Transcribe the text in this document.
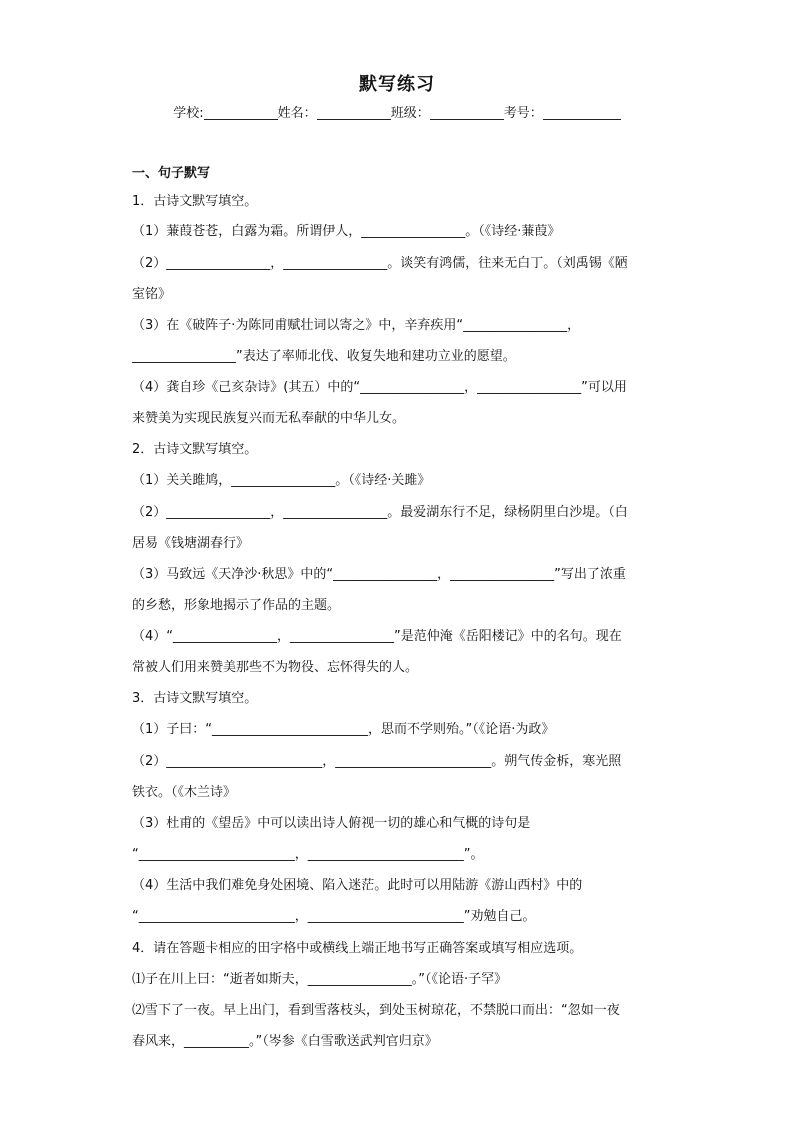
默写练习
学校:	姓名：	班级：	考号：
一、句子默写
1．古诗文默写填空。
（1）蒹葭苍苍，白露为霜。所谓伊人，________________。（《诗经·蒹葭》
（2）________________，________________。谈笑有鸿儒，往来无白丁。（刘禹锡《陋
室铭》
（3）在《破阵子·为陈同甫赋壮词以寄之》中，辛弃疾用“________________，
________________”表达了率师北伐、收复失地和建功立业的愿望。
（4）龚自珍《己亥杂诗》(其五）中的“________________，________________”可以用
来赞美为实现民族复兴而无私奉献的中华儿女。
2．古诗文默写填空。
（1）关关雎鸠，________________。（《诗经·关雎》
（2）________________，________________。最爱湖东行不足，绿杨阴里白沙堤。（白
居易《钱塘湖春行》
（3）马致远《天净沙·秋思》中的“________________，________________”写出了浓重
的乡愁，形象地揭示了作品的主题。
（4）“________________，________________”是范仲淹《岳阳楼记》中的名句。现在
常被人们用来赞美那些不为物役、忘怀得失的人。
3．古诗文默写填空。
（1）子曰：“________________________，思而不学则殆。”（《论语·为政》
（2）________________________，________________________。朔气传金柝，寒光照
铁衣。（《木兰诗》
（3）杜甫的《望岳》中可以读出诗人俯视一切的雄心和气概的诗句是
“________________________，________________________”。
（4）生活中我们难免身处困境、陷入迷茫。此时可以用陆游《游山西村》中的
“________________________，________________________”劝勉自己。
4．请在答题卡相应的田字格中或横线上端正地书写正确答案或填写相应选项。
⑴子在川上曰：“逝者如斯夫，________________。”（《论语·子罕》
⑵雪下了一夜。早上出门，看到雪落枝头，到处玉树琼花，不禁脱口而出：“忽如一夜
春风来，__________。”（岑参《白雪歌送武判官归京》
